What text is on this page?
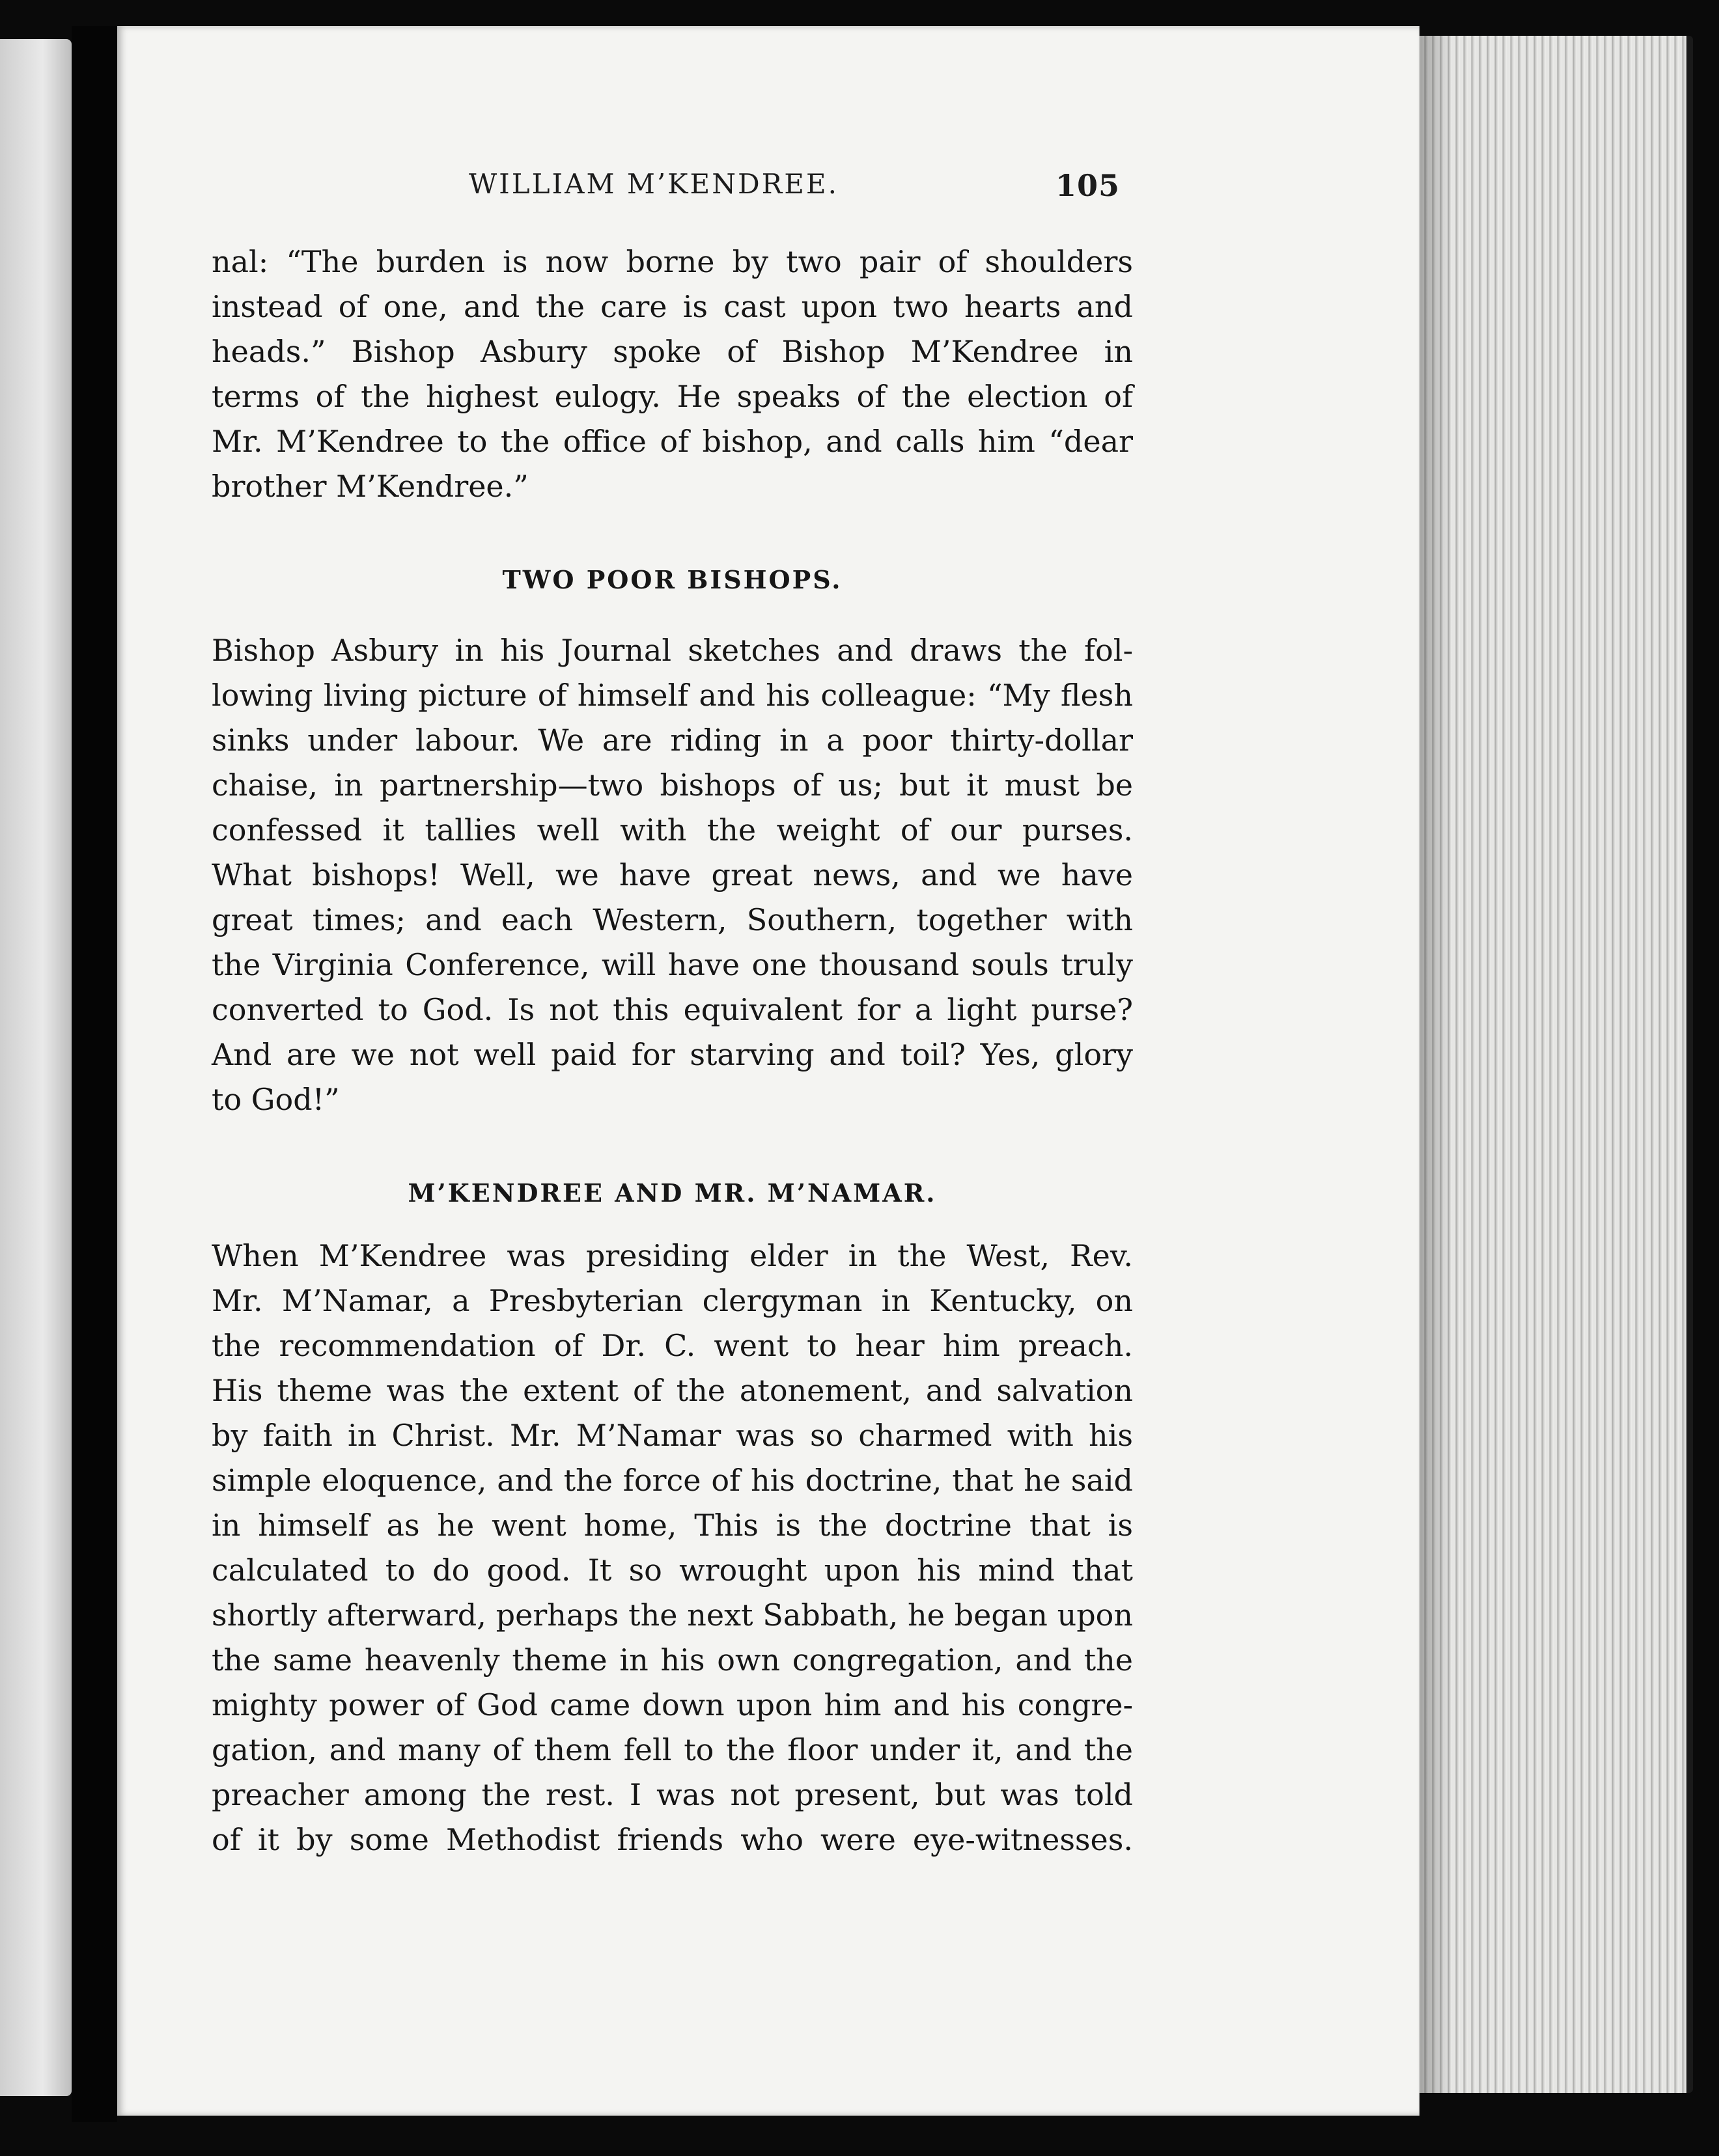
WILLIAM M’KENDREE.	105
nal: “The burden is now borne by two pair of shoulders
instead of one, and the care is cast upon two hearts and
heads.” Bishop Asbury spoke of Bishop M’Kendree in
terms of the highest eulogy. He speaks of the election of
Mr. M’Kendree to the office of bishop, and calls him “dear
brother M’Kendree.”
TWO POOR BISHOPS.
Bishop Asbury in his Journal sketches and draws the fol-
lowing living picture of himself and his colleague: “My flesh
sinks under labour. We are riding in a poor thirty-dollar
chaise, in partnership—two bishops of us; but it must be
confessed it tallies well with the weight of our purses.
What bishops! Well, we have great news, and we have
great times; and each Western, Southern, together with
the Virginia Conference, will have one thousand souls truly
converted to God. Is not this equivalent for a light purse?
And are we not well paid for starving and toil? Yes, glory
to God!”
M’KENDREE AND MR. M’NAMAR.
When M’Kendree was presiding elder in the West, Rev.
Mr. M’Namar, a Presbyterian clergyman in Kentucky, on
the recommendation of Dr. C. went to hear him preach.
His theme was the extent of the atonement, and salvation
by faith in Christ. Mr. M’Namar was so charmed with his
simple eloquence, and the force of his doctrine, that he said
in himself as he went home, This is the doctrine that is
calculated to do good. It so wrought upon his mind that
shortly afterward, perhaps the next Sabbath, he began upon
the same heavenly theme in his own congregation, and the
mighty power of God came down upon him and his congre-
gation, and many of them fell to the floor under it, and the
preacher among the rest. I was not present, but was told
of it by some Methodist friends who were eye-witnesses.
